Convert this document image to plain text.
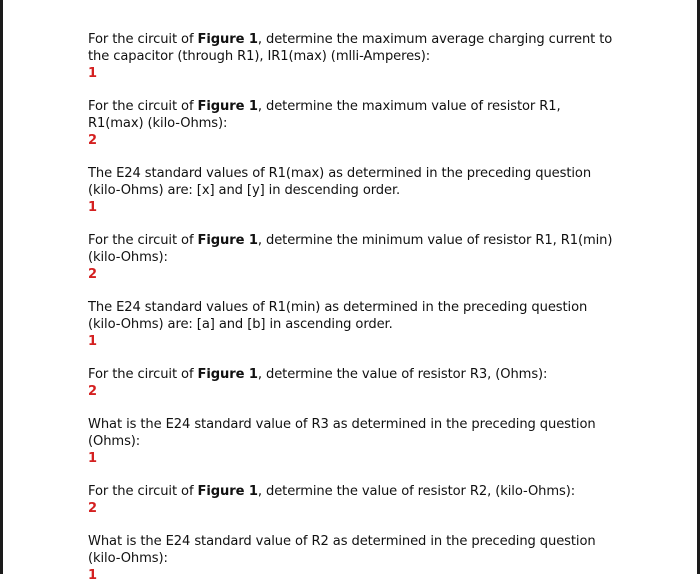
For the circuit of Figure 1, determine the maximum average charging current to the capacitor (through R1), IR1(max) (mlli-Amperes):

1

For the circuit of Figure 1, determine the maximum value of resistor R1, R1(max) (kilo-Ohms):

2

The E24 standard values of R1(max) as determined in the preceding question (kilo-Ohms) are: [x] and [y] in descending order.

1

For the circuit of Figure 1, determine the minimum value of resistor R1, R1(min) (kilo-Ohms):

2

The E24 standard values of R1(min) as determined in the preceding question (kilo-Ohms) are: [a] and [b] in ascending order.

1

For the circuit of Figure 1, determine the value of resistor R3, (Ohms):

2

What is the E24 standard value of R3 as determined in the preceding question (Ohms):

1

For the circuit of Figure 1, determine the value of resistor R2, (kilo-Ohms):

2

What is the E24 standard value of R2 as determined in the preceding question (kilo-Ohms):

1
